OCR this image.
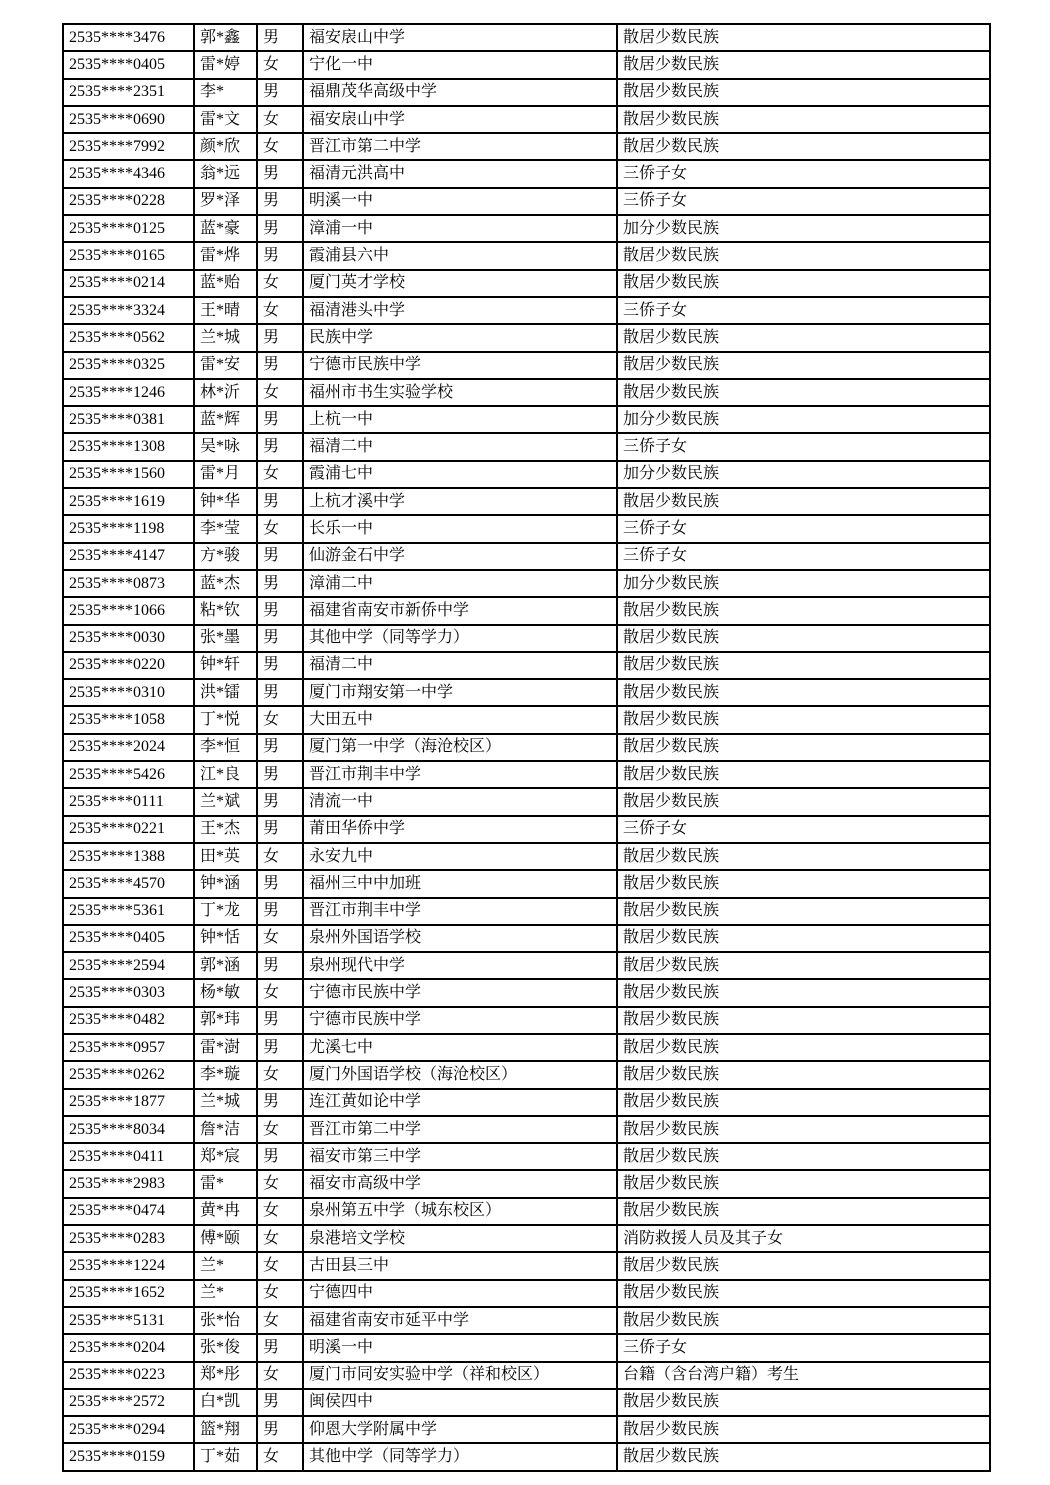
2535****3476	郭*鑫	男	福安扆山中学	散居少数民族
2535****0405	雷*婷	女	宁化一中	散居少数民族
2535****2351	李*	男	福鼎茂华高级中学	散居少数民族
2535****0690	雷*文	女	福安扆山中学	散居少数民族
2535****7992	颜*欣	女	晋江市第二中学	散居少数民族
2535****4346	翁*远	男	福清元洪高中	三侨子女
2535****0228	罗*泽	男	明溪一中	三侨子女
2535****0125	蓝*豪	男	漳浦一中	加分少数民族
2535****0165	雷*烨	男	霞浦县六中	散居少数民族
2535****0214	蓝*贻	女	厦门英才学校	散居少数民族
2535****3324	王*晴	女	福清港头中学	三侨子女
2535****0562	兰*城	男	民族中学	散居少数民族
2535****0325	雷*安	男	宁德市民族中学	散居少数民族
2535****1246	林*沂	女	福州市书生实验学校	散居少数民族
2535****0381	蓝*辉	男	上杭一中	加分少数民族
2535****1308	吴*咏	男	福清二中	三侨子女
2535****1560	雷*月	女	霞浦七中	加分少数民族
2535****1619	钟*华	男	上杭才溪中学	散居少数民族
2535****1198	李*莹	女	长乐一中	三侨子女
2535****4147	方*骏	男	仙游金石中学	三侨子女
2535****0873	蓝*杰	男	漳浦二中	加分少数民族
2535****1066	粘*钦	男	福建省南安市新侨中学	散居少数民族
2535****0030	张*墨	男	其他中学（同等学力）	散居少数民族
2535****0220	钟*轩	男	福清二中	散居少数民族
2535****0310	洪*镭	男	厦门市翔安第一中学	散居少数民族
2535****1058	丁*悦	女	大田五中	散居少数民族
2535****2024	李*恒	男	厦门第一中学（海沧校区）	散居少数民族
2535****5426	江*良	男	晋江市荆丰中学	散居少数民族
2535****0111	兰*斌	男	清流一中	散居少数民族
2535****0221	王*杰	男	莆田华侨中学	三侨子女
2535****1388	田*英	女	永安九中	散居少数民族
2535****4570	钟*涵	男	福州三中中加班	散居少数民族
2535****5361	丁*龙	男	晋江市荆丰中学	散居少数民族
2535****0405	钟*恬	女	泉州外国语学校	散居少数民族
2535****2594	郭*涵	男	泉州现代中学	散居少数民族
2535****0303	杨*敏	女	宁德市民族中学	散居少数民族
2535****0482	郭*玮	男	宁德市民族中学	散居少数民族
2535****0957	雷*澍	男	尤溪七中	散居少数民族
2535****0262	李*璇	女	厦门外国语学校（海沧校区）	散居少数民族
2535****1877	兰*城	男	连江黄如论中学	散居少数民族
2535****8034	詹*洁	女	晋江市第二中学	散居少数民族
2535****0411	郑*宸	男	福安市第三中学	散居少数民族
2535****2983	雷*	女	福安市高级中学	散居少数民族
2535****0474	黄*冉	女	泉州第五中学（城东校区）	散居少数民族
2535****0283	傅*颐	女	泉港培文学校	消防救援人员及其子女
2535****1224	兰*	女	古田县三中	散居少数民族
2535****1652	兰*	女	宁德四中	散居少数民族
2535****5131	张*怡	女	福建省南安市延平中学	散居少数民族
2535****0204	张*俊	男	明溪一中	三侨子女
2535****0223	郑*彤	女	厦门市同安实验中学（祥和校区）	台籍（含台湾户籍）考生
2535****2572	白*凯	男	闽侯四中	散居少数民族
2535****0294	篮*翔	男	仰恩大学附属中学	散居少数民族
2535****0159	丁*茹	女	其他中学（同等学力）	散居少数民族
